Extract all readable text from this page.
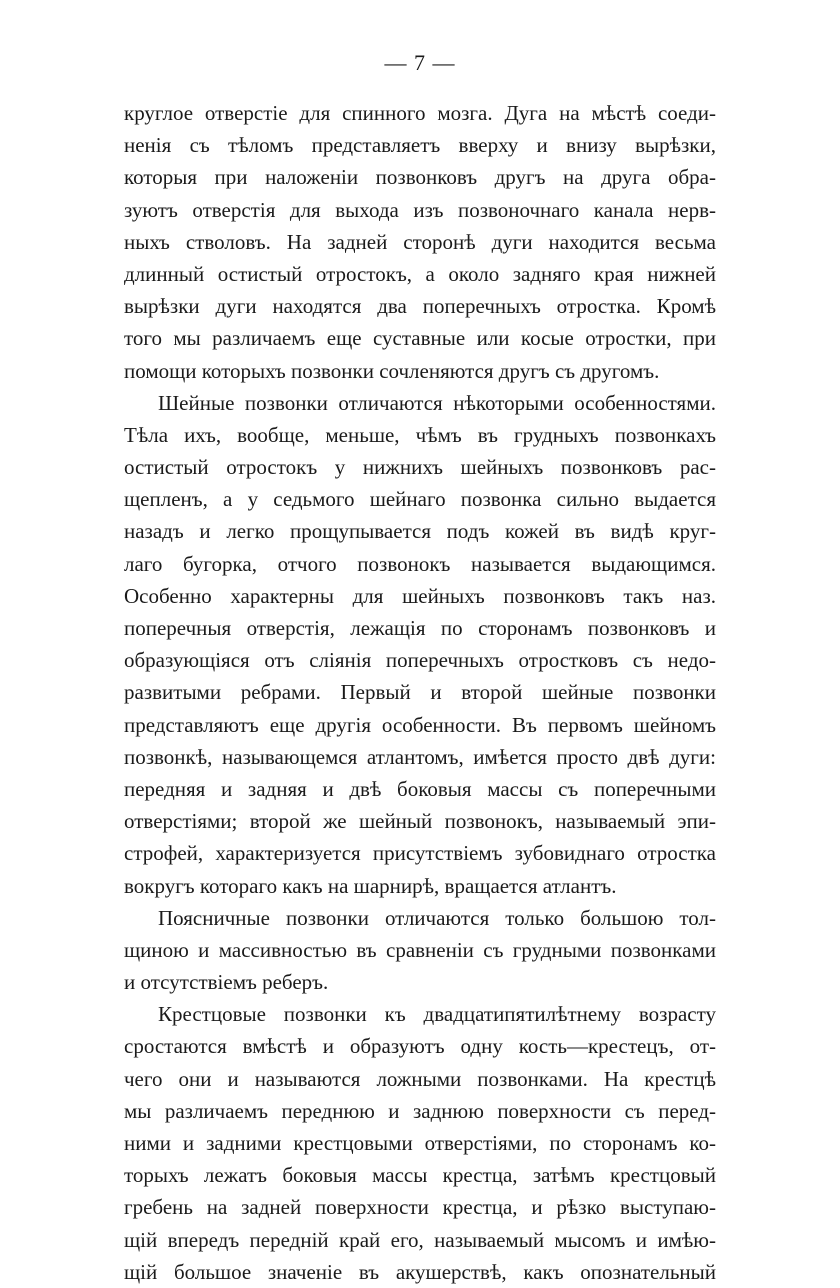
— 7 —
круглое отверстіе для спинного мозга. Дуга на мѣстѣ соеди-
ненія съ тѣломъ представляетъ вверху и внизу вырѣзки,
которыя при наложеніи позвонковъ другъ на друга обра-
зуютъ отверстія для выхода изъ позвоночнаго канала нерв-
ныхъ стволовъ. На задней сторонѣ дуги находится весьма
длинный остистый отростокъ, а около задняго края нижней
вырѣзки дуги находятся два поперечныхъ отростка. Кромѣ
того мы различаемъ еще суставные или косые отростки, при
помощи которыхъ позвонки сочленяются другъ съ другомъ.
Шейные позвонки отличаются нѣкоторыми особенностями.
Тѣла ихъ, вообще, меньше, чѣмъ въ грудныхъ позвонкахъ
остистый отростокъ у нижнихъ шейныхъ позвонковъ рас-
щепленъ, а у седьмого шейнаго позвонка сильно выдается
назадъ и легко прощупывается подъ кожей въ видѣ круг-
лаго бугорка, отчого позвонокъ называется выдающимся.
Особенно характерны для шейныхъ позвонковъ такъ наз.
поперечныя отверстія, лежащія по сторонамъ позвонковъ и
образующіяся отъ слiянія поперечныхъ отростковъ съ недо-
развитыми ребрами. Первый и второй шейные позвонки
представляютъ еще другія особенности. Въ первомъ шейномъ
позвонкѣ, называющемся атлантомъ, имѣется просто двѣ дуги:
передняя и задняя и двѣ боковыя массы съ поперечными
отверстіями; второй же шейный позвонокъ, называемый эпи-
строфей, характеризуется присутствіемъ зубовиднаго отростка
вокругъ котораго какъ на шарнирѣ, вращается атлантъ.
Поясничные позвонки отличаются только большою тол-
щиною и массивностью въ сравненіи съ грудными позвонками
и отсутствіемъ реберъ.
Крестцовые позвонки къ двадцатипятилѣтнему возрасту
сростаются вмѣстѣ и образуютъ одну кость—крестецъ, от-
чего они и называются ложными позвонками. На крестцѣ
мы различаемъ переднюю и заднюю поверхности съ перед-
ними и задними крестцовыми отверстіями, по сторонамъ ко-
торыхъ лежатъ боковыя массы крестца, затѣмъ крестцовый
гребень на задней поверхности крестца, и рѣзко выступаю-
щій впередъ передній край его, называемый мысомъ и имѣю-
щій большое значеніе въ акушерствѣ, какъ опознательный
